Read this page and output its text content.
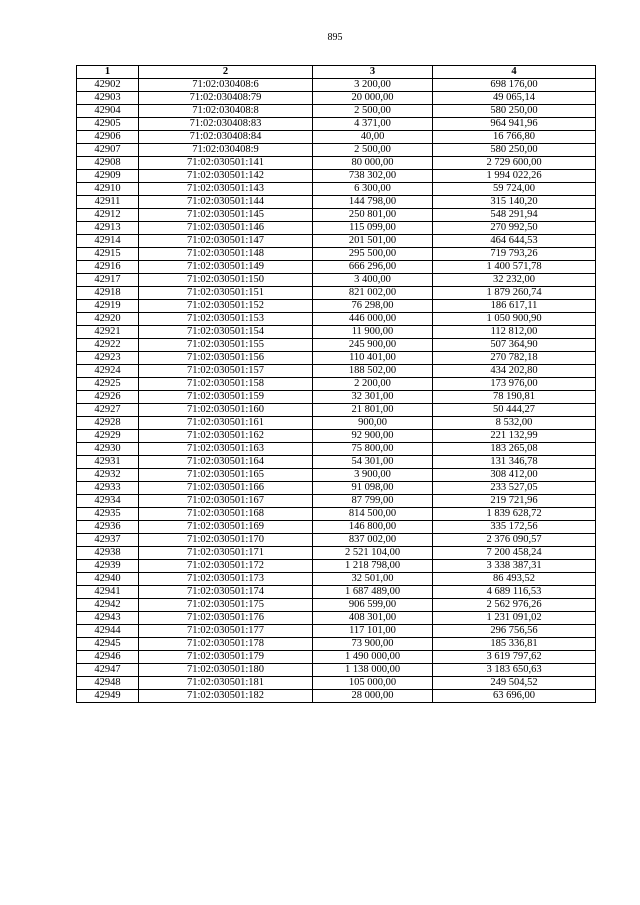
895
1	2	3	4
42902	71:02:030408:6	3 200,00	698 176,00
42903	71:02:030408:79	20 000,00	49 065,14
42904	71:02:030408:8	2 500,00	580 250,00
42905	71:02:030408:83	4 371,00	964 941,96
42906	71:02:030408:84	40,00	16 766,80
42907	71:02:030408:9	2 500,00	580 250,00
42908	71:02:030501:141	80 000,00	2 729 600,00
42909	71:02:030501:142	738 302,00	1 994 022,26
42910	71:02:030501:143	6 300,00	59 724,00
42911	71:02:030501:144	144 798,00	315 140,20
42912	71:02:030501:145	250 801,00	548 291,94
42913	71:02:030501:146	115 099,00	270 992,50
42914	71:02:030501:147	201 501,00	464 644,53
42915	71:02:030501:148	295 500,00	719 793,26
42916	71:02:030501:149	666 296,00	1 400 571,78
42917	71:02:030501:150	3 400,00	32 232,00
42918	71:02:030501:151	821 002,00	1 879 260,74
42919	71:02:030501:152	76 298,00	186 617,11
42920	71:02:030501:153	446 000,00	1 050 900,90
42921	71:02:030501:154	11 900,00	112 812,00
42922	71:02:030501:155	245 900,00	507 364,90
42923	71:02:030501:156	110 401,00	270 782,18
42924	71:02:030501:157	188 502,00	434 202,80
42925	71:02:030501:158	2 200,00	173 976,00
42926	71:02:030501:159	32 301,00	78 190,81
42927	71:02:030501:160	21 801,00	50 444,27
42928	71:02:030501:161	900,00	8 532,00
42929	71:02:030501:162	92 900,00	221 132,99
42930	71:02:030501:163	75 800,00	183 265,08
42931	71:02:030501:164	54 301,00	131 346,78
42932	71:02:030501:165	3 900,00	308 412,00
42933	71:02:030501:166	91 098,00	233 527,05
42934	71:02:030501:167	87 799,00	219 721,96
42935	71:02:030501:168	814 500,00	1 839 628,72
42936	71:02:030501:169	146 800,00	335 172,56
42937	71:02:030501:170	837 002,00	2 376 090,57
42938	71:02:030501:171	2 521 104,00	7 200 458,24
42939	71:02:030501:172	1 218 798,00	3 338 387,31
42940	71:02:030501:173	32 501,00	86 493,52
42941	71:02:030501:174	1 687 489,00	4 689 116,53
42942	71:02:030501:175	906 599,00	2 562 976,26
42943	71:02:030501:176	408 301,00	1 231 091,02
42944	71:02:030501:177	117 101,00	296 756,56
42945	71:02:030501:178	73 900,00	185 336,81
42946	71:02:030501:179	1 490 000,00	3 619 797,62
42947	71:02:030501:180	1 138 000,00	3 183 650,63
42948	71:02:030501:181	105 000,00	249 504,52
42949	71:02:030501:182	28 000,00	63 696,00
